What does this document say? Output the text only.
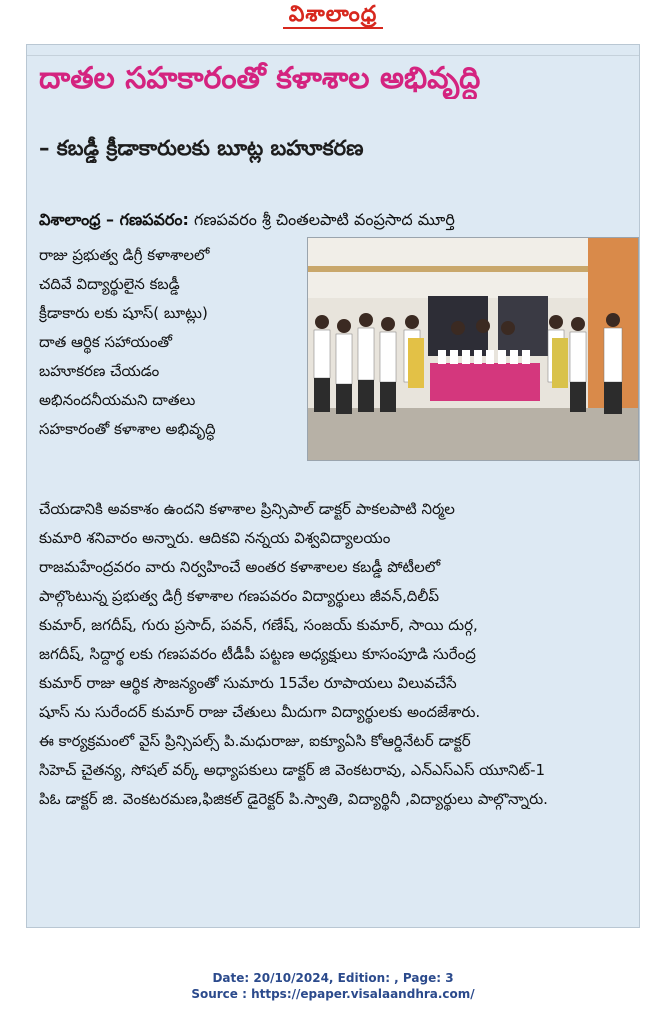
విశాలాంధ్ర
దాతల సహకారంతో కళాశాల అభివృద్ధి
– కబడ్డీ క్రీడాకారులకు బూట్ల బహూకరణ
విశాలాంధ్ర – గణపవరం: గణపవరం శ్రీ చింతలపాటి వంప్రసాద మూర్తి
రాజు ప్రభుత్వ డిగ్రీ కళాశాలలో
చదివే విద్యార్థులైన కబడ్డీ
క్రీడాకారు లకు షూస్( బూట్లు)
దాత ఆర్థిక సహాయంతో
బహూకరణ చేయడం
అభినందనీయమని దాతలు
సహకారంతో కళాశాల అభివృద్ధి
చేయడానికి అవకాశం ఉందని కళాశాల ప్రిన్సిపాల్ డాక్టర్ పాకలపాటి నిర్మల
కుమారి శనివారం అన్నారు. ఆదికవి నన్నయ విశ్వవిద్యాలయం
రాజమహేంద్రవరం వారు నిర్వహించే అంతర కళాశాలల కబడ్డీ పోటీలలో
పాల్గొంటున్న ప్రభుత్వ డిగ్రీ కళాశాల గణపవరం విద్యార్థులు జీవన్,దిలీప్
కుమార్, జగదీష్, గురు ప్రసాద్, పవన్, గణేష్, సంజయ్ కుమార్, సాయి దుర్గ,
జగదీష్, సిద్దార్థ లకు గణపవరం టీడీపీ పట్టణ అధ్యక్షులు కూసంపూడి సురేంద్ర
కుమార్ రాజు ఆర్థిక సౌజన్యంతో సుమారు 15వేల రూపాయలు విలువచేసే
షూస్ ను సురేందర్ కుమార్ రాజు చేతులు మీదుగా విద్యార్థులకు అందజేశారు.
ఈ కార్యక్రమంలో వైస్ ప్రిన్సిపల్స్ పి.మధురాజు, ఐక్యూఏసి కోఆర్డినేటర్ డాక్టర్
సిహెచ్ చైతన్య, సోషల్ వర్క్ అధ్యాపకులు డాక్టర్ జి వెంకటరావు, ఎన్ఎస్ఎస్ యూనిట్-1
పిఓ డాక్టర్ జి. వెంకటరమణ,ఫిజికల్ డైరెక్టర్ పి.స్వాతి, విద్యార్థినీ ,విద్యార్థులు పాల్గొన్నారు.
Date: 20/10/2024, Edition: , Page: 3
Source : https://epaper.visalaandhra.com/
